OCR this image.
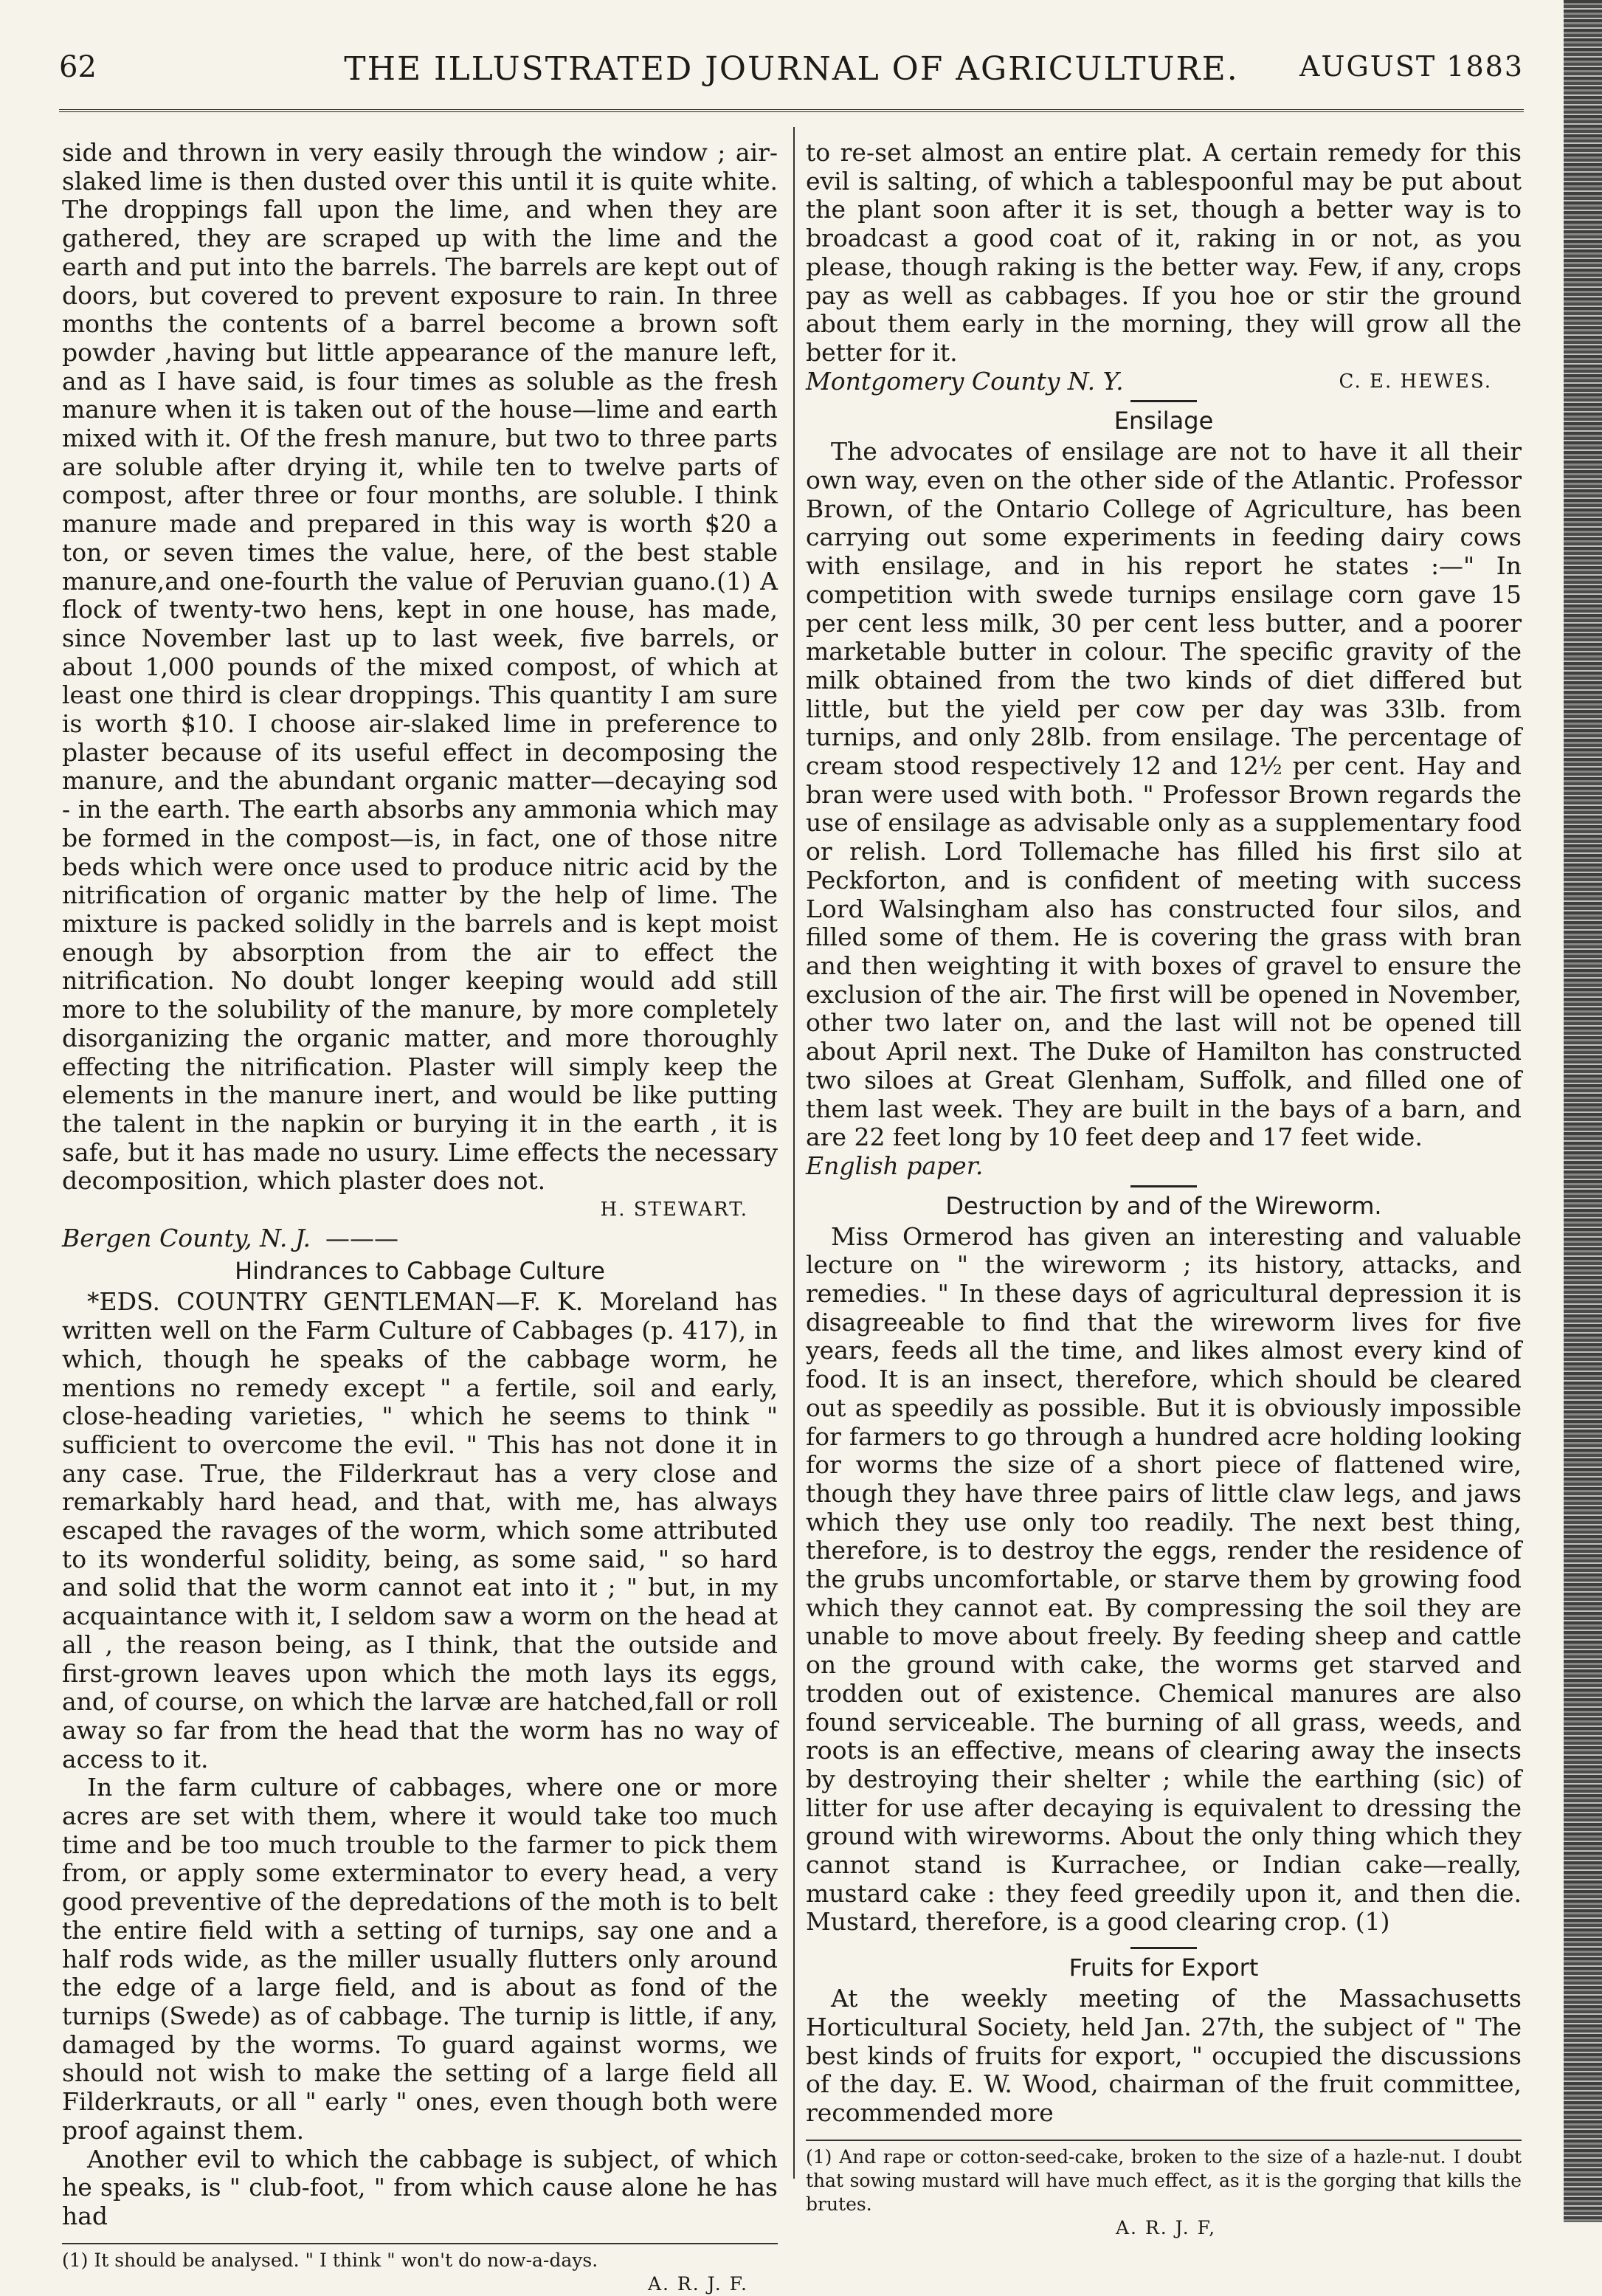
62	THE ILLUSTRATED JOURNAL OF AGRICULTURE.	AUGUST 1883

side and thrown in very easily through the window ; air-slaked lime is then dusted over this until it is quite white. The droppings fall upon the lime, and when they are gathered, they are scraped up with the lime and the earth and put into the barrels. The barrels are kept out of doors, but covered to prevent exposure to rain. In three months the contents of a barrel become a brown soft powder ,having but little appearance of the manure left, and as I have said, is four times as soluble as the fresh manure when it is taken out of the house—lime and earth mixed with it. Of the fresh manure, but two to three parts are soluble after drying it, while ten to twelve parts of compost, after three or four months, are soluble. I think manure made and prepared in this way is worth $20 a ton, or seven times the value, here, of the best stable manure,and one-fourth the value of Peruvian guano.(1) A flock of twenty-two hens, kept in one house, has made, since November last up to last week, five barrels, or about 1,000 pounds of the mixed compost, of which at least one third is clear droppings. This quantity I am sure is worth $10. I choose air-slaked lime in preference to plaster because of its useful effect in decomposing the manure, and the abundant organic matter—decaying sod - in the earth. The earth absorbs any ammonia which may be formed in the compost—is, in fact, one of those nitre beds which were once used to produce nitric acid by the nitrification of organic matter by the help of lime. The mixture is packed solidly in the barrels and is kept moist enough by absorption from the air to effect the nitrification. No doubt longer keeping would add still more to the solubility of the manure, by more completely disorganizing the organic matter, and more thoroughly effecting the nitrification. Plaster will simply keep the elements in the manure inert, and would be like putting the talent in the napkin or burying it in the earth , it is safe, but it has made no usury. Lime effects the necessary decomposition, which plaster does not.

H. STEWART.
Bergen County, N. J. ———
Hindrances to Cabbage Culture

*EDS. COUNTRY GENTLEMAN—F. K. Moreland has written well on the Farm Culture of Cabbages (p. 417), in which, though he speaks of the cabbage worm, he mentions no remedy except " a fertile, soil and early, close-heading varieties, " which he seems to think " sufficient to overcome the evil. " This has not done it in any case. True, the Filderkraut has a very close and remarkably hard head, and that, with me, has always escaped the ravages of the worm, which some attributed to its wonderful solidity, being, as some said, " so hard and solid that the worm cannot eat into it ; " but, in my acquaintance with it, I seldom saw a worm on the head at all , the reason being, as I think, that the outside and first-grown leaves upon which the moth lays its eggs, and, of course, on which the larvæ are hatched,fall or roll away so far from the head that the worm has no way of access to it.

In the farm culture of cabbages, where one or more acres are set with them, where it would take too much time and be too much trouble to the farmer to pick them from, or apply some exterminator to every head, a very good preventive of the depredations of the moth is to belt the entire field with a setting of turnips, say one and a half rods wide, as the miller usually flutters only around the edge of a large field, and is about as fond of the turnips (Swede) as of cabbage. The turnip is little, if any, damaged by the worms. To guard against worms, we should not wish to make the setting of a large field all Filderkrauts, or all " early " ones, even though both were proof against them.

Another evil to which the cabbage is subject, of which he speaks, is " club-foot, " from which cause alone he has had

(1) It should be analysed. " I think " won't do now-a-days.
A. R. J. F.

to re-set almost an entire plat. A certain remedy for this evil is salting, of which a tablespoonful may be put about the plant soon after it is set, though a better way is to broadcast a good coat of it, raking in or not, as you please, though raking is the better way. Few, if any, crops pay as well as cabbages. If you hoe or stir the ground about them early in the morning, they will grow all the better for it.

Montgomery County N. Y.	C. E. HEWES.
Ensilage

The advocates of ensilage are not to have it all their own way, even on the other side of the Atlantic. Professor Brown, of the Ontario College of Agriculture, has been carrying out some experiments in feeding dairy cows with ensilage, and in his report he states :—" In competition with swede turnips ensilage corn gave 15 per cent less milk, 30 per cent less butter, and a poorer marketable butter in colour. The specific gravity of the milk obtained from the two kinds of diet differed but little, but the yield per cow per day was 33lb. from turnips, and only 28lb. from ensilage. The percentage of cream stood respectively 12 and 12½ per cent. Hay and bran were used with both. " Professor Brown regards the use of ensilage as advisable only as a supplementary food or relish. Lord Tollemache has filled his first silo at Peckforton, and is confident of meeting with success Lord Walsingham also has constructed four silos, and filled some of them. He is covering the grass with bran and then weighting it with boxes of gravel to ensure the exclusion of the air. The first will be opened in November, other two later on, and the last will not be opened till about April next. The Duke of Hamilton has constructed two siloes at Great Glenham, Suffolk, and filled one of them last week. They are built in the bays of a barn, and are 22 feet long by 10 feet deep and 17 feet wide.

English paper.
Destruction by and of the Wireworm.

Miss Ormerod has given an interesting and valuable lecture on " the wireworm ; its history, attacks, and remedies. " In these days of agricultural depression it is disagreeable to find that the wireworm lives for five years, feeds all the time, and likes almost every kind of food. It is an insect, therefore, which should be cleared out as speedily as possible. But it is obviously impossible for farmers to go through a hundred acre holding looking for worms the size of a short piece of flattened wire, though they have three pairs of little claw legs, and jaws which they use only too readily. The next best thing, therefore, is to destroy the eggs, render the residence of the grubs uncomfortable, or starve them by growing food which they cannot eat. By compressing the soil they are unable to move about freely. By feeding sheep and cattle on the ground with cake, the worms get starved and trodden out of existence. Chemical manures are also found serviceable. The burning of all grass, weeds, and roots is an effective, means of clearing away the insects by destroying their shelter ; while the earthing (sic) of litter for use after decaying is equivalent to dressing the ground with wireworms. About the only thing which they cannot stand is Kurrachee, or Indian cake—really, mustard cake : they feed greedily upon it, and then die. Mustard, therefore, is a good clearing crop. (1)

Fruits for Export

At the weekly meeting of the Massachusetts Horticultural Society, held Jan. 27th, the subject of " The best kinds of fruits for export, " occupied the discussions of the day. E. W. Wood, chairman of the fruit committee, recommended more

(1) And rape or cotton-seed-cake, broken to the size of a hazle-nut. I doubt that sowing mustard will have much effect, as it is the gorging that kills the brutes.
A. R. J. F,
